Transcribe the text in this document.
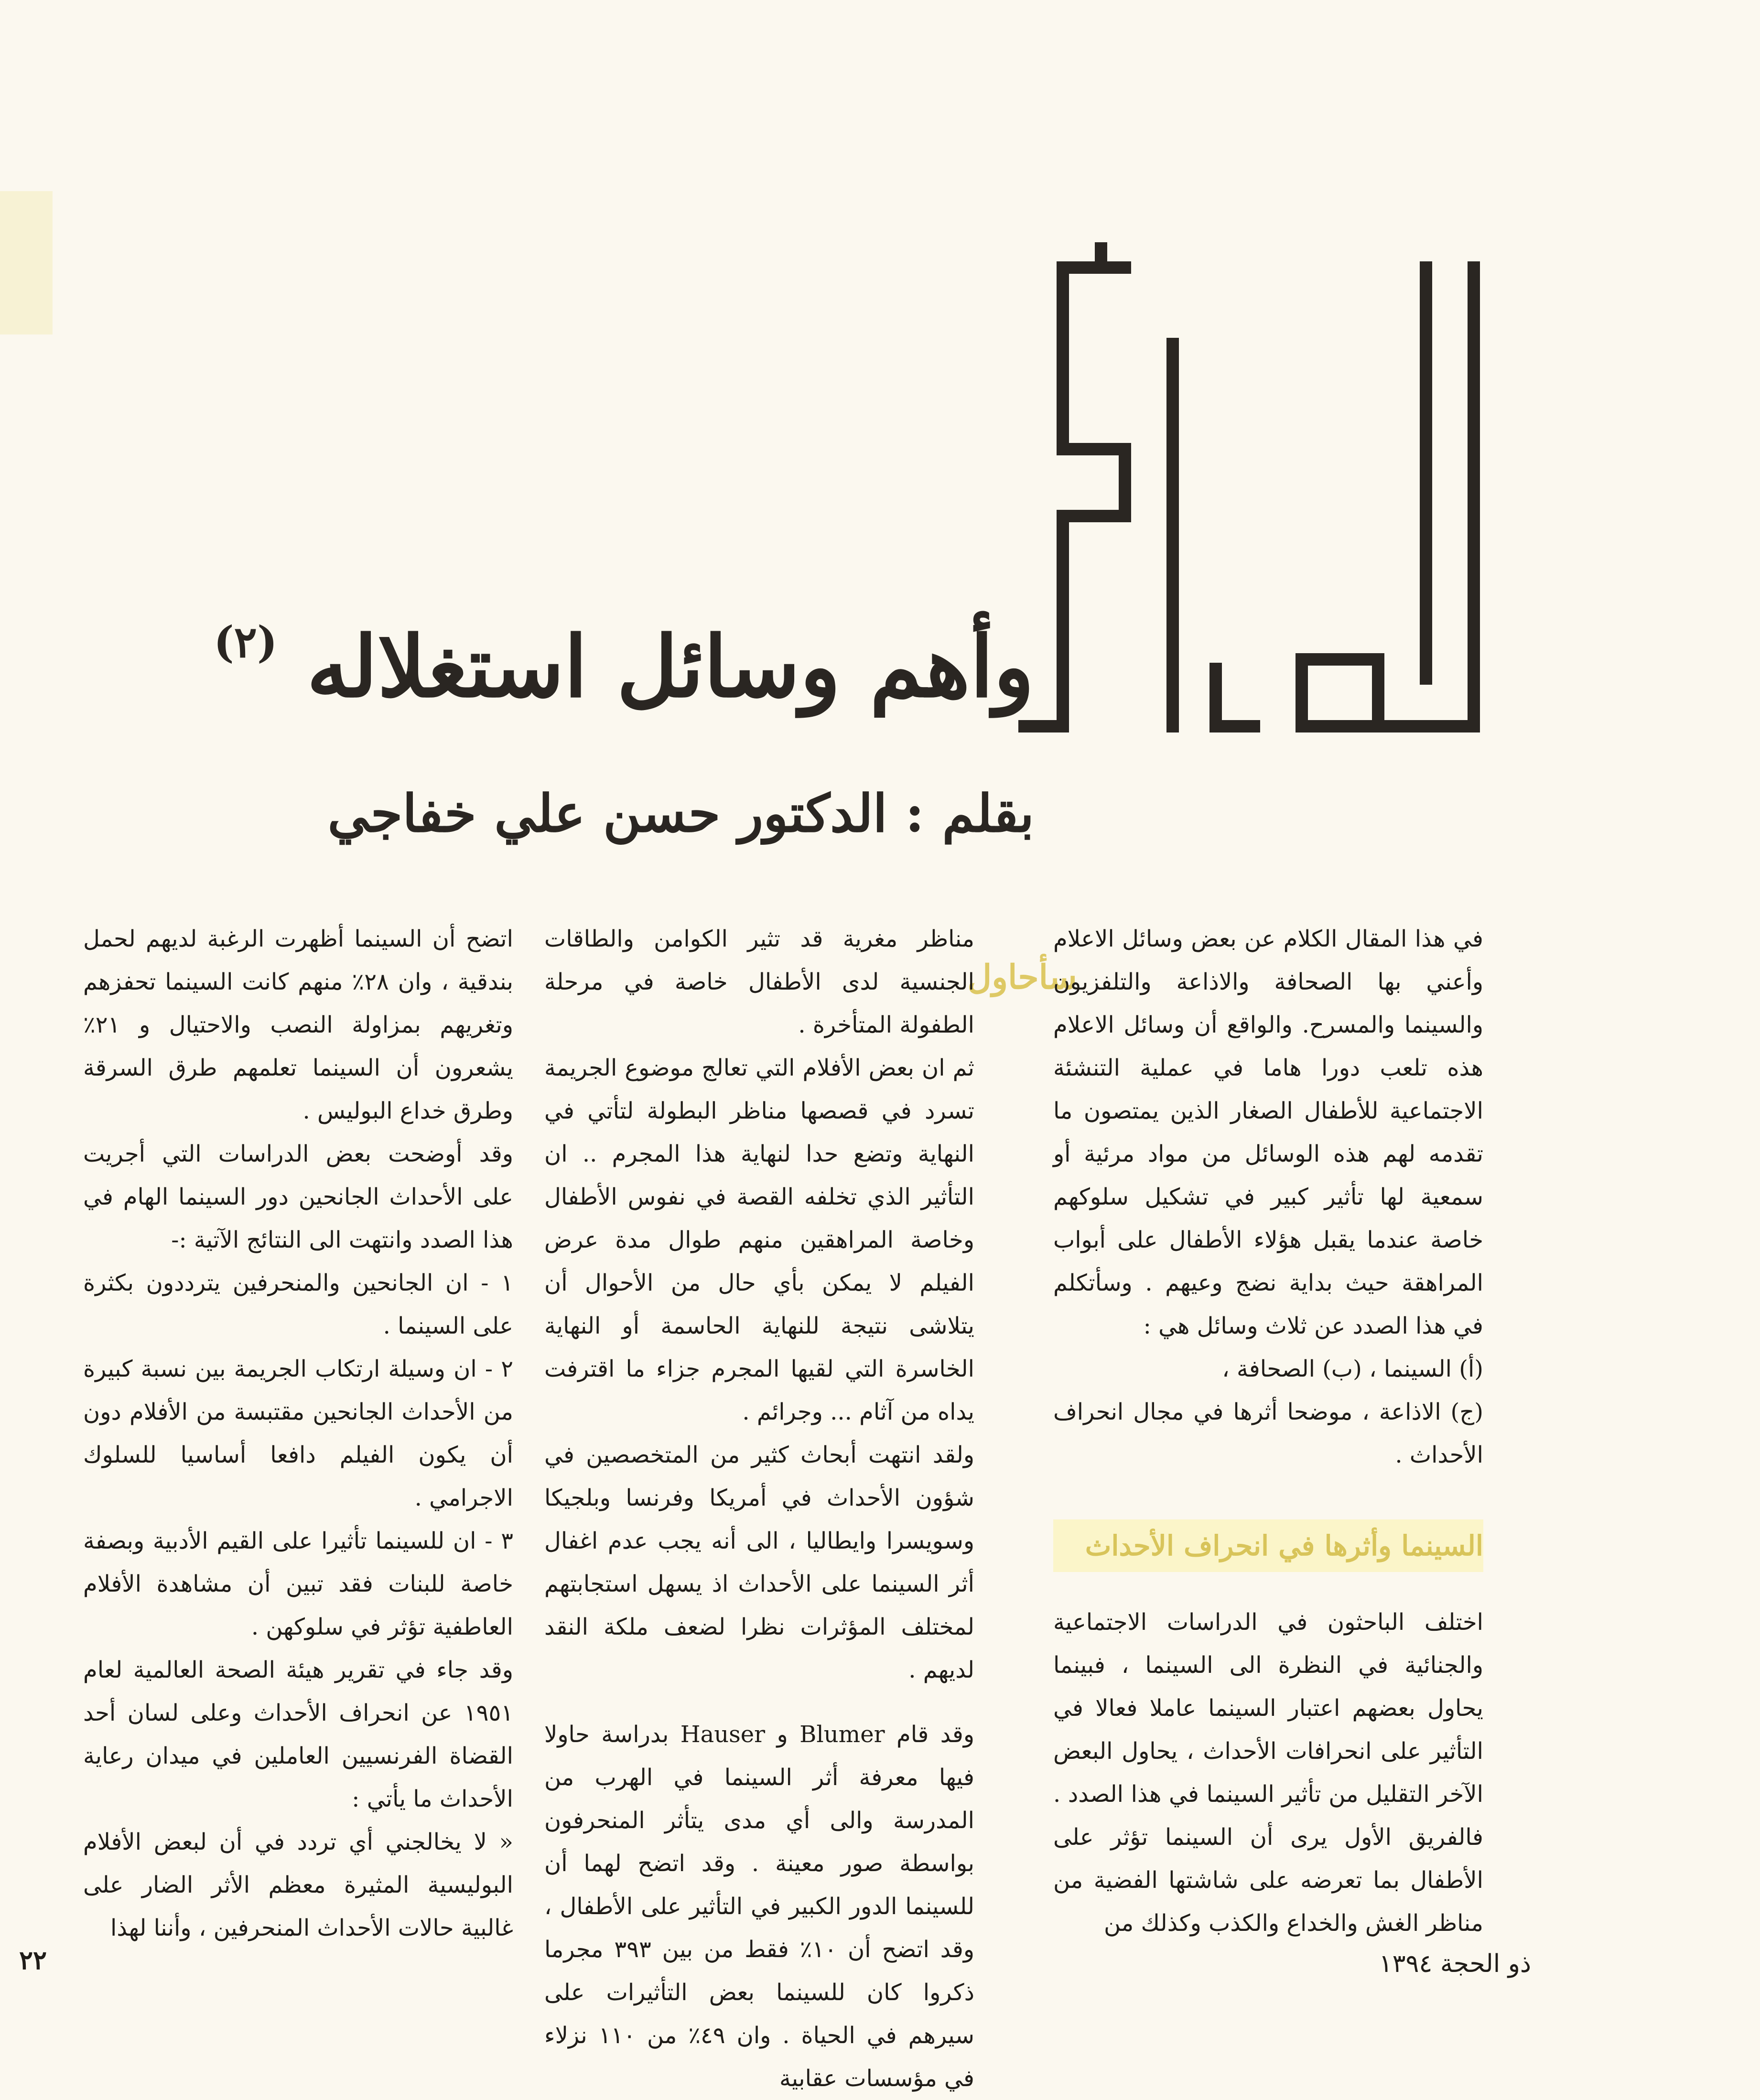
وأهم وسائل استغلاله $^{(٢)}$
بقلم : الدكتور حسن علي خفاجي
سأحاول

في هذا المقال الكلام عن بعض وسائل الاعلام وأعني بها الصحافة والاذاعة والتلفزيون والسينما والمسرح. والواقع أن وسائل الاعلام هذه تلعب دورا هاما في عملية التنشئة الاجتماعية للأطفال الصغار الذين يمتصون ما تقدمه لهم هذه الوسائل من مواد مرئية أو سمعية لها تأثير كبير في تشكيل سلوكهم خاصة عندما يقبل هؤلاء الأطفال على أبواب المراهقة حيث بداية نضج وعيهم . وسأتكلم في هذا الصدد عن ثلاث وسائل هي :

(أ) السينما ، (ب) الصحافة ،

(ج) الاذاعة ، موضحا أثرها في مجال انحراف الأحداث .

السينما وأثرها في انحراف الأحداث

اختلف الباحثون في الدراسات الاجتماعية والجنائية في النظرة الى السينما ، فبينما يحاول بعضهم اعتبار السينما عاملا فعالا في التأثير على انحرافات الأحداث ، يحاول البعض الآخر التقليل من تأثير السينما في هذا الصدد . فالفريق الأول يرى أن السينما تؤثر على الأطفال بما تعرضه على شاشتها الفضية من مناظر الغش والخداع والكذب وكذلك من

مناظر مغرية قد تثير الكوامن والطاقات الجنسية لدى الأطفال خاصة في مرحلة الطفولة المتأخرة .

ثم ان بعض الأفلام التي تعالج موضوع الجريمة تسرد في قصصها مناظر البطولة لتأتي في النهاية وتضع حدا لنهاية هذا المجرم .. ان التأثير الذي تخلفه القصة في نفوس الأطفال وخاصة المراهقين منهم طوال مدة عرض الفيلم لا يمكن بأي حال من الأحوال أن يتلاشى نتيجة للنهاية الحاسمة أو النهاية الخاسرة التي لقيها المجرم جزاء ما اقترفت يداه من آثام ... وجرائم .

ولقد انتهت أبحاث كثير من المتخصصين في شؤون الأحداث في أمريكا وفرنسا وبلجيكا وسويسرا وايطاليا ، الى أنه يجب عدم اغفال أثر السينما على الأحداث اذ يسهل استجابتهم لمختلف المؤثرات نظرا لضعف ملكة النقد لديهم .

وقد قام Blumer و Hauser بدراسة حاولا فيها معرفة أثر السينما في الهرب من المدرسة والى أي مدى يتأثر المنحرفون بواسطة صور معينة . وقد اتضح لهما أن للسينما الدور الكبير في التأثير على الأطفال ، وقد اتضح أن ١٠٪ فقط من بين ٣٩٣ مجرما ذكروا كان للسينما بعض التأثيرات على سيرهم في الحياة . وان ٤٩٪ من ١١٠ نزلاء في مؤسسات عقابية

اتضح أن السينما أظهرت الرغبة لديهم لحمل بندقية ، وان ٢٨٪ منهم كانت السينما تحفزهم وتغريهم بمزاولة النصب والاحتيال و ٢١٪ يشعرون أن السينما تعلمهم طرق السرقة وطرق خداع البوليس .

وقد أوضحت بعض الدراسات التي أجريت على الأحداث الجانحين دور السينما الهام في هذا الصدد وانتهت الى النتائج الآتية :-

١ - ان الجانحين والمنحرفين يترددون بكثرة على السينما .

٢ - ان وسيلة ارتكاب الجريمة بين نسبة كبيرة من الأحداث الجانحين مقتبسة من الأفلام دون أن يكون الفيلم دافعا أساسيا للسلوك الاجرامي .

٣ - ان للسينما تأثيرا على القيم الأدبية وبصفة خاصة للبنات فقد تبين أن مشاهدة الأفلام العاطفية تؤثر في سلوكهن .

وقد جاء في تقرير هيئة الصحة العالمية لعام ١٩٥١ عن انحراف الأحداث وعلى لسان أحد القضاة الفرنسيين العاملين في ميدان رعاية الأحداث ما يأتي :

« لا يخالجني أي تردد في أن لبعض الأفلام البوليسية المثيرة معظم الأثر الضار على غالبية حالات الأحداث المنحرفين ، وأننا لهذا

٢٢	ذو الحجة ١٣٩٤
